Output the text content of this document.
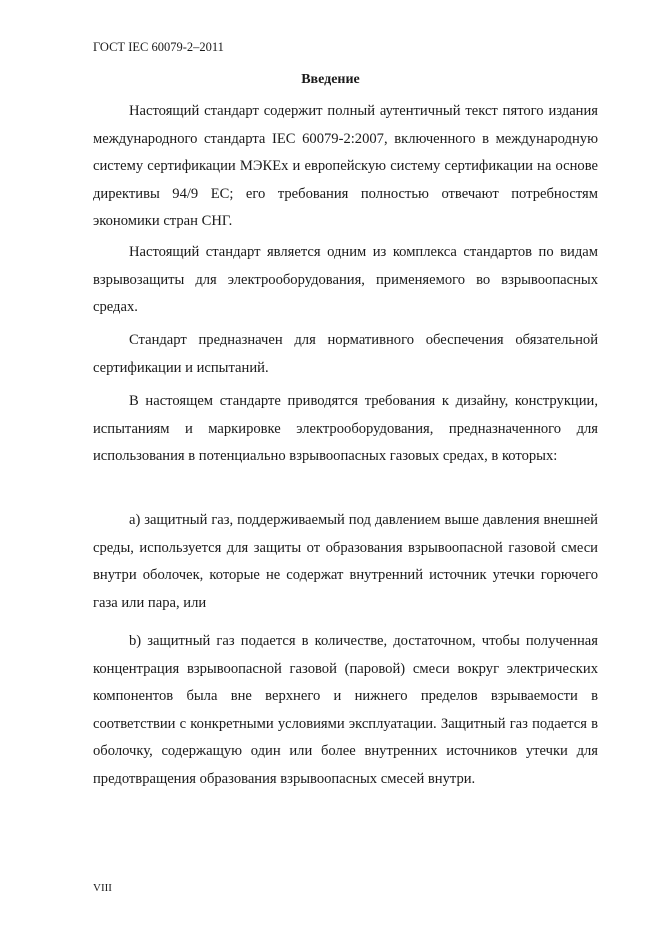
ГОСТ IEC 60079-2–2011
Введение

Настоящий стандарт содержит полный аутентичный текст пятого издания международного стандарта IEC 60079-2:2007, включенного в международную систему сертификации МЭКЕх и европейскую систему сертификации на основе директивы 94/9 ЕС; его требования полностью отвечают потребностям экономики стран СНГ.

Настоящий стандарт является одним из комплекса стандартов по видам взрывозащиты для электрооборудования, применяемого во взрывоопасных средах.

Стандарт предназначен для нормативного обеспечения обязательной сертификации и испытаний.

В настоящем стандарте приводятся требования к дизайну, конструкции, испытаниям и маркировке электрооборудования, предназначенного для использования в потенциально взрывоопасных газовых средах, в которых:

a) защитный газ, поддерживаемый под давлением выше давления внешней среды, используется для защиты от образования взрывоопасной газовой смеси внутри оболочек, которые не содержат внутренний источник утечки горючего газа или пара, или

b) защитный газ подается в количестве, достаточном, чтобы полученная концентрация взрывоопасной газовой (паровой) смеси вокруг электрических компонентов была вне верхнего и нижнего пределов взрываемости в соответствии с конкретными условиями эксплуатации. Защитный газ подается в оболочку, содержащую один или более внутренних источников утечки для предотвращения образования взрывоопасных смесей внутри.

VIII
